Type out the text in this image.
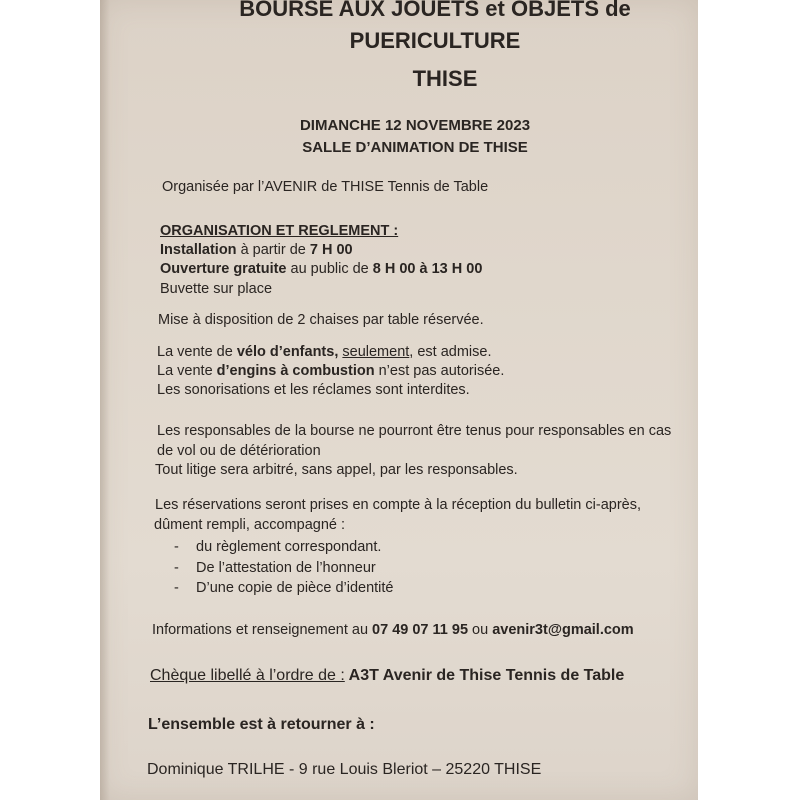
BOURSE AUX JOUETS et OBJETS de
PUERICULTURE
THISE
DIMANCHE 12 NOVEMBRE 2023
SALLE D’ANIMATION DE THISE
Organisée par l’AVENIR de THISE Tennis de Table
ORGANISATION ET REGLEMENT :
Installation à partir de 7 H 00
Ouverture gratuite au public de 8 H 00 à 13 H 00
Buvette sur place
Mise à disposition de 2 chaises par table réservée.
La vente de vélo d’enfants, seulement, est admise.
La vente d’engins à combustion n’est pas autorisée.
Les sonorisations et les réclames sont interdites.
Les responsables de la bourse ne pourront être tenus pour responsables en cas
de vol ou de détérioration
Tout litige sera arbitré, sans appel, par les responsables.
Les réservations seront prises en compte à la réception du bulletin ci-après,
dûment rempli, accompagné :
- du règlement correspondant.
- De l’attestation de l’honneur
- D’une copie de pièce d’identité
Informations et renseignement au 07 49 07 11 95 ou avenir3t@gmail.com
Chèque libellé à l’ordre de : A3T Avenir de Thise Tennis de Table
L’ensemble est à retourner à :
Dominique TRILHE - 9 rue Louis Bleriot – 25220 THISE
